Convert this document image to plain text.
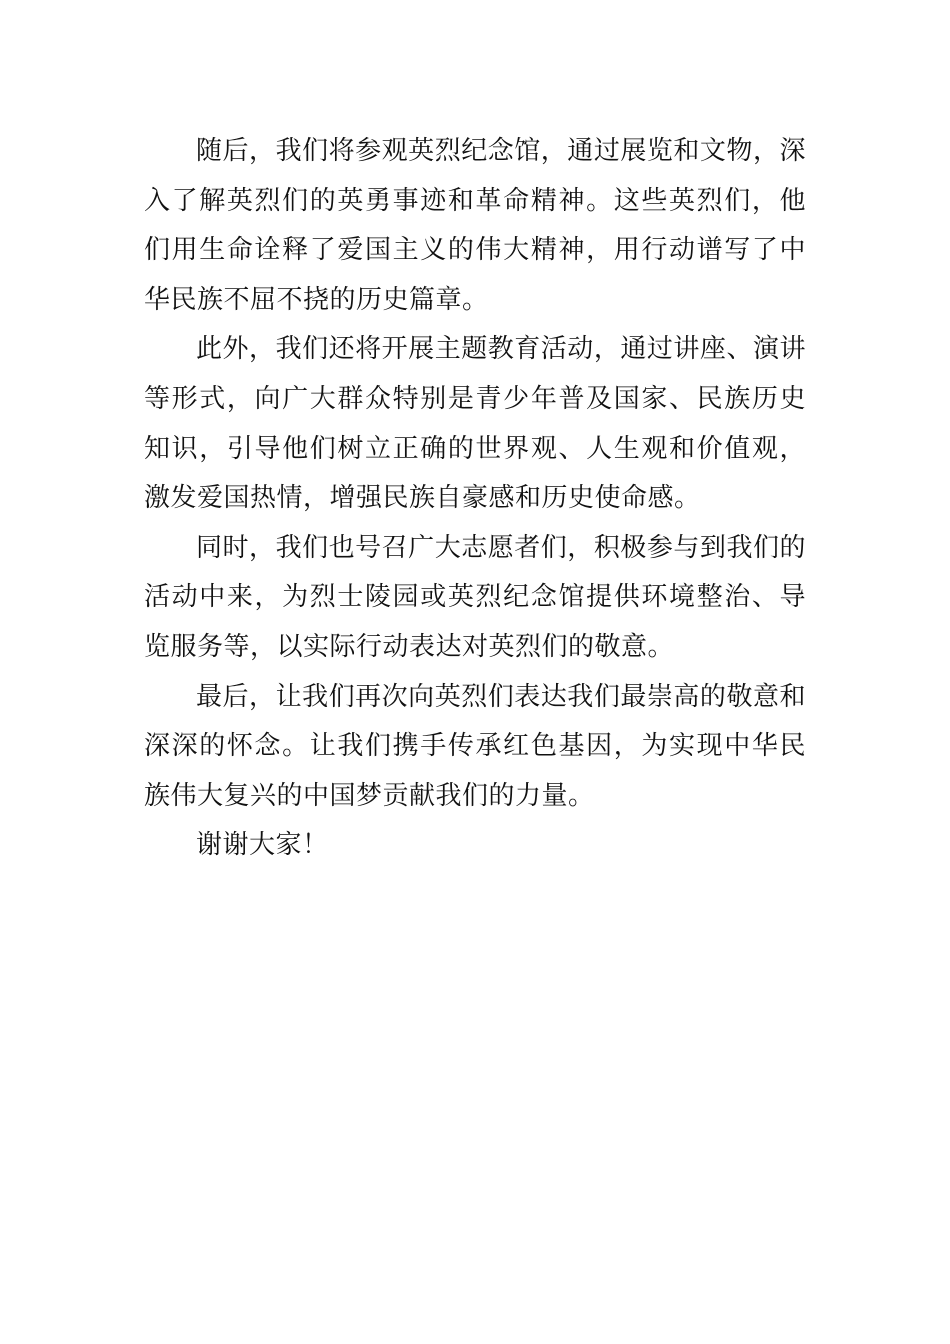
随后，我们将参观英烈纪念馆，通过展览和文物，深入了解英烈们的英勇事迹和革命精神。这些英烈们，他们用生命诠释了爱国主义的伟大精神，用行动谱写了中华民族不屈不挠的历史篇章。

此外，我们还将开展主题教育活动，通过讲座、演讲等形式，向广大群众特别是青少年普及国家、民族历史知识，引导他们树立正确的世界观、人生观和价值观，激发爱国热情，增强民族自豪感和历史使命感。

同时，我们也号召广大志愿者们，积极参与到我们的活动中来，为烈士陵园或英烈纪念馆提供环境整治、导览服务等，以实际行动表达对英烈们的敬意。

最后，让我们再次向英烈们表达我们最崇高的敬意和深深的怀念。让我们携手传承红色基因，为实现中华民族伟大复兴的中国梦贡献我们的力量。

谢谢大家！
